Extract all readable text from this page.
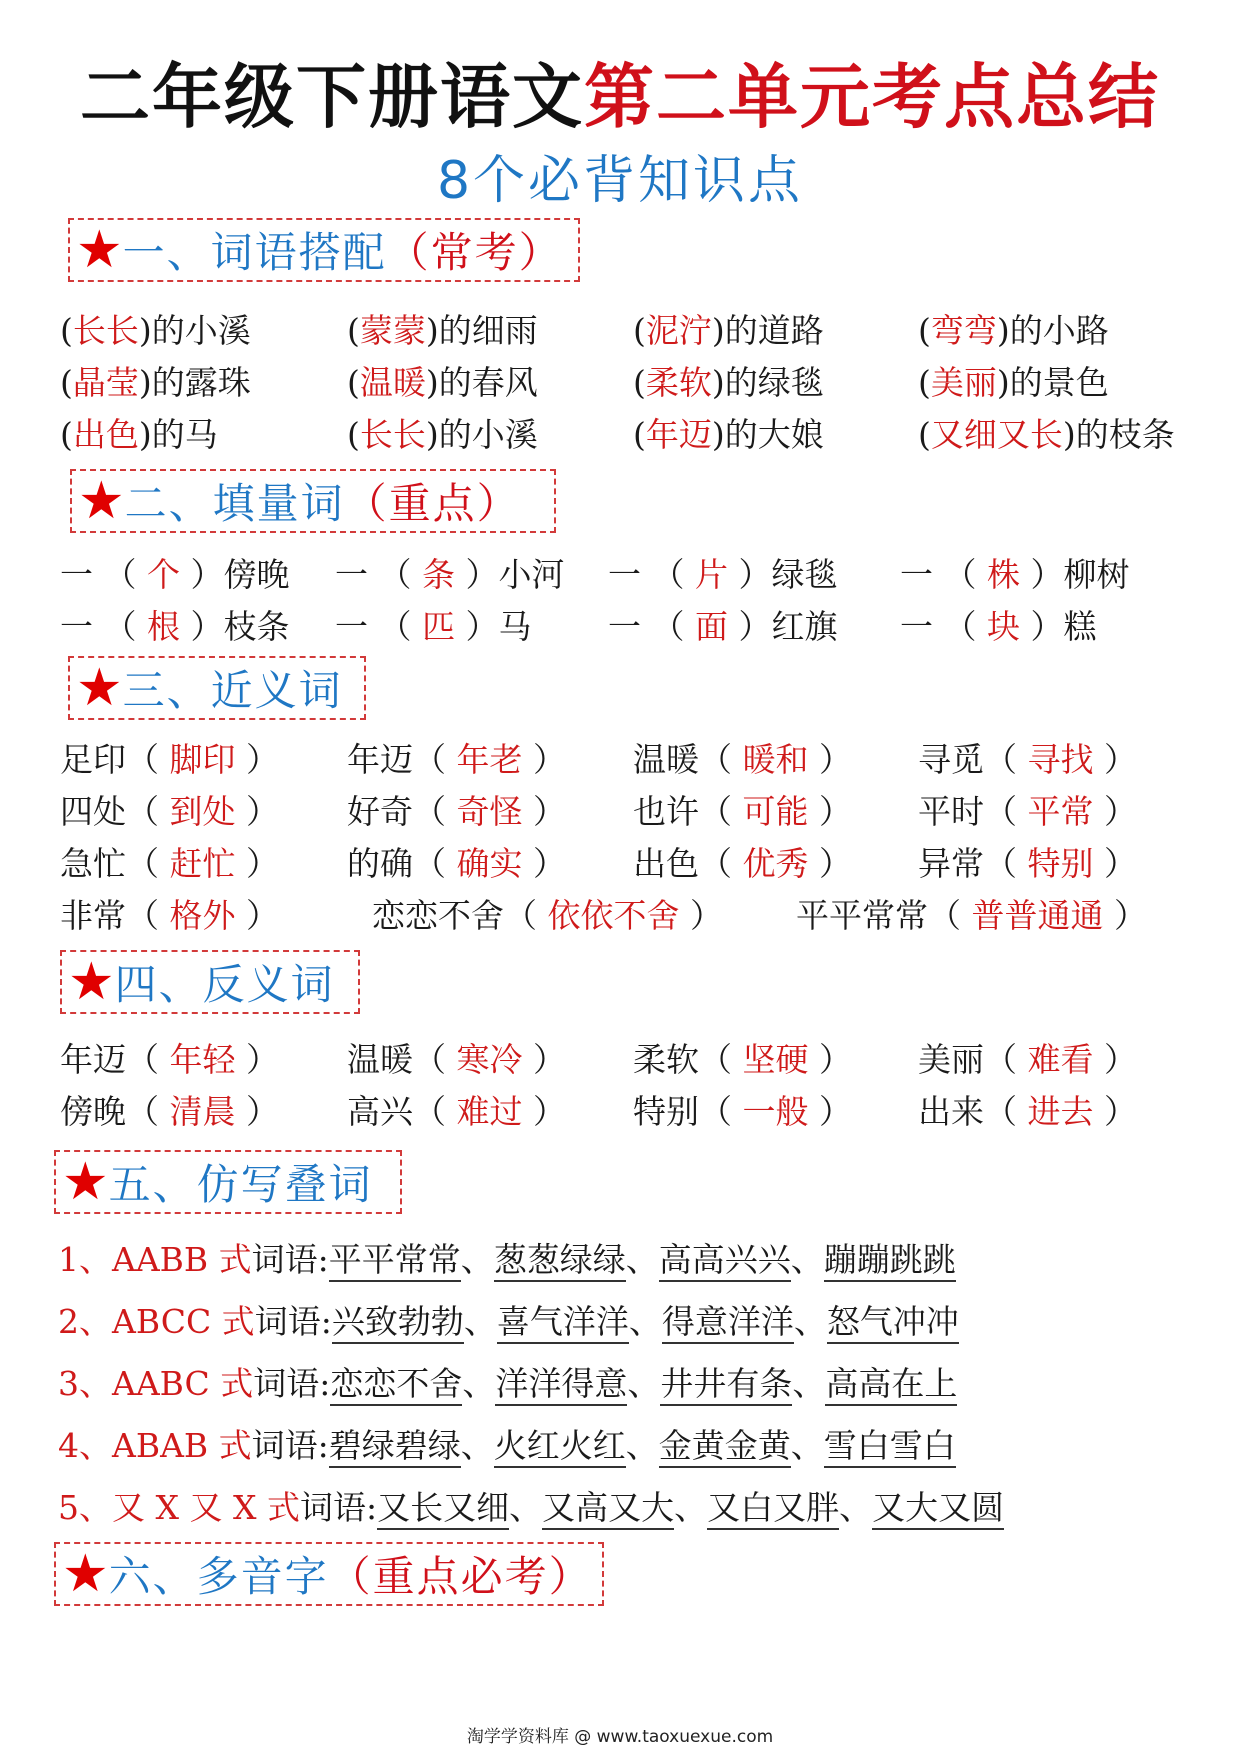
二年级下册语文第二单元考点总结
8个必背知识点
★ 一、词语搭配 （常考）
(长长)的小溪	(蒙蒙)的细雨	(泥泞)的道路	(弯弯)的小路
(晶莹)的露珠	(温暖)的春风	(柔软)的绿毯	(美丽)的景色
(出色)的马	(长长)的小溪	(年迈)的大娘	(又细又长)的枝条
★ 二、填量词 （重点）
一 （ 个 ）傍晚 一 （ 条 ）小河 一 （ 片 ）绿毯 一 （ 株 ）柳树
一 （ 根 ）枝条 一 （ 匹 ）马 一 （ 面 ）红旗 一 （ 块 ）糕
★ 三、近义词
足印（ 脚印 ） 年迈（ 年老 ） 温暖（ 暖和 ） 寻觅（ 寻找 ）
四处（ 到处 ） 好奇（ 奇怪 ） 也许（ 可能 ） 平时（ 平常 ）
急忙（ 赶忙 ） 的确（ 确实 ） 出色（ 优秀 ） 异常（ 特别 ）
非常（ 格外 ）	恋恋不舍（ 依依不舍 ） 平平常常（ 普普通通 ）
★ 四、反义词
年迈（ 年轻 ） 温暖（ 寒冷 ） 柔软（ 坚硬 ） 美丽（ 难看 ）
傍晚（ 清晨 ） 高兴（ 难过 ） 特别（ 一般 ） 出来（ 进去 ）
★ 五、仿写叠词
1、AABB 式词语:平平常常、葱葱绿绿、高高兴兴、蹦蹦跳跳
2、ABCC 式词语:兴致勃勃、喜气洋洋、得意洋洋、怒气冲冲
3、AABC 式词语:恋恋不舍、洋洋得意、井井有条、高高在上
4、ABAB 式词语:碧绿碧绿、火红火红、金黄金黄、雪白雪白
5、又 X 又 X 式词语:又长又细、又高又大、又白又胖、又大又圆
★ 六、多音字 （重点必考）
淘学学资料库 @ www.taoxuexue.com
